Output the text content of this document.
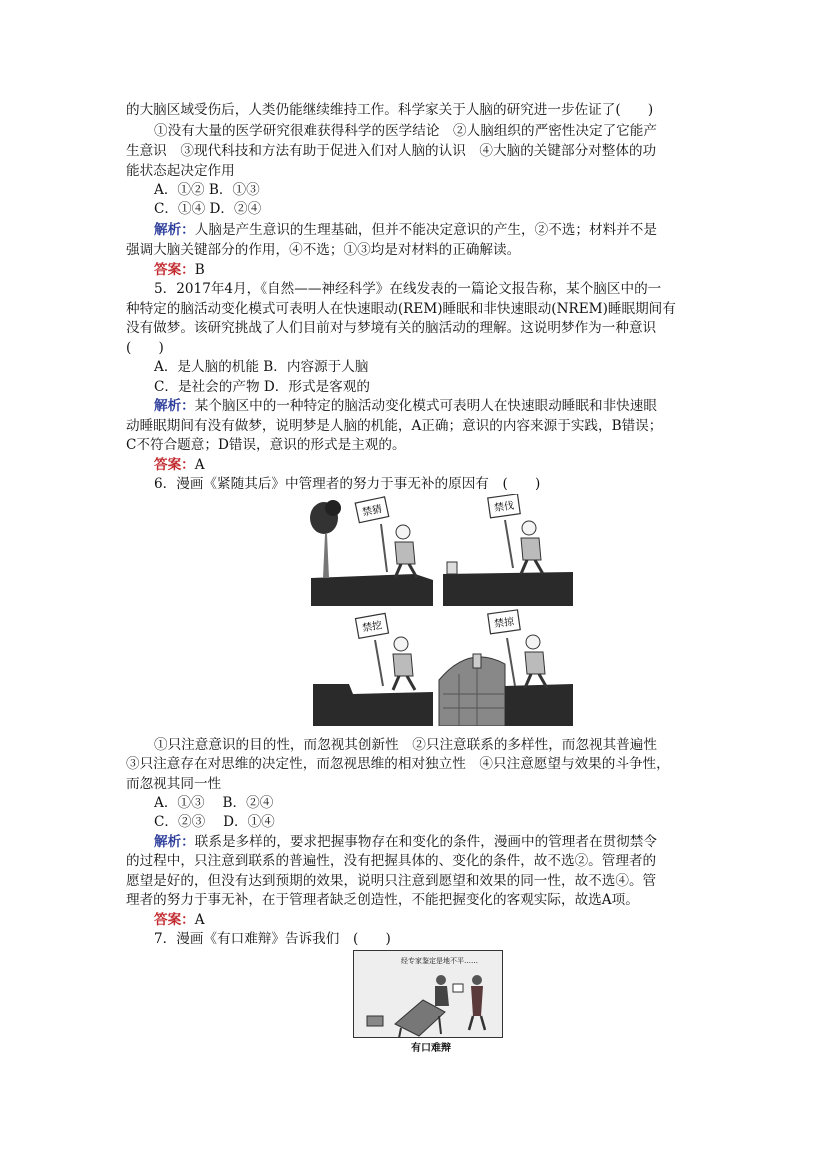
的大脑区域受伤后，人类仍能继续维持工作。科学家关于人脑的研究进一步佐证了(　　)
①没有大量的医学研究很难获得科学的医学结论　②人脑组织的严密性决定了它能产
生意识　③现代科技和方法有助于促进入们对人脑的认识　④大脑的关键部分对整体的功
能状态起决定作用
A．①② B．①③
C．①④ D．②④
解析：人脑是产生意识的生理基础，但并不能决定意识的产生，②不选；材料并不是
强调大脑关键部分的作用，④不选；①③均是对材料的正确解读。
答案：B
5．2017年4月，《自然——神经科学》在线发表的一篇论文报告称，某个脑区中的一
种特定的脑活动变化模式可表明人在快速眼动(REM)睡眠和非快速眼动(NREM)睡眠期间有
没有做梦。该研究挑战了人们目前对与梦境有关的脑活动的理解。这说明梦作为一种意识
(　　)
A．是人脑的机能 B．内容源于人脑
C．是社会的产物 D．形式是客观的
解析：某个脑区中的一种特定的脑活动变化模式可表明人在快速眼动睡眠和非快速眼
动睡眠期间有没有做梦，说明梦是人脑的机能，A正确；意识的内容来源于实践，B错误；
C不符合题意；D错误，意识的形式是主观的。
答案：A
6．漫画《紧随其后》中管理者的努力于事无补的原因有　(　　)
禁猜	禁伐
禁挖	禁掠
①只注意意识的目的性，而忽视其创新性　②只注意联系的多样性，而忽视其普遍性
③只注意存在对思维的决定性，而忽视思维的相对独立性　④只注意愿望与效果的斗争性，
而忽视其同一性
A．①③　 B．②④
C．②③　 D．①④
解析：联系是多样的，要求把握事物存在和变化的条件，漫画中的管理者在贯彻禁令
的过程中，只注意到联系的普遍性，没有把握具体的、变化的条件，故不选②。管理者的
愿望是好的，但没有达到预期的效果，说明只注意到愿望和效果的同一性，故不选④。管
理者的努力于事无补，在于管理者缺乏创造性，不能把握变化的客观实际，故选A项。
答案：A
7．漫画《有口难辩》告诉我们　(　　)
经专家鉴定是地不平……
有口难辩
